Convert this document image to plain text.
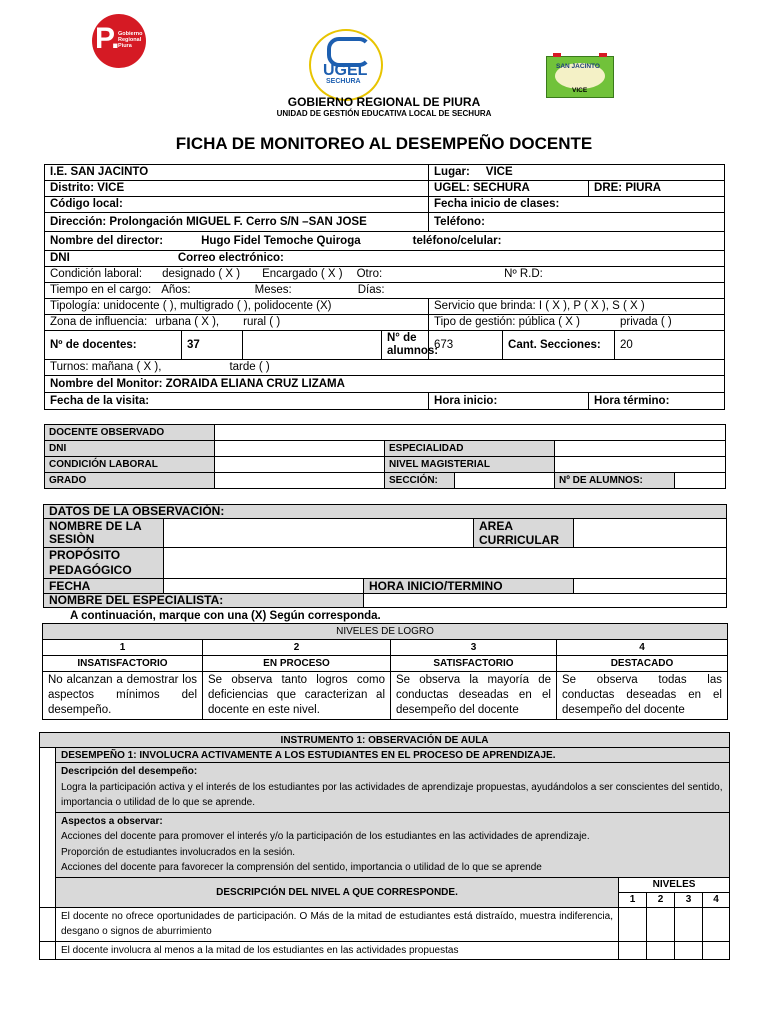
P.
Gobierno
Regional
Piura
UGEL
SECHURA
SAN JACINTO
VICE
GOBIERNO REGIONAL DE PIURA
UNIDAD DE GESTIÓN EDUCATIVA LOCAL DE SECHURA
FICHA DE MONITOREO AL DESEMPEÑO DOCENTE
I.E. SAN JACINTO				Lugar: VICE			
Distrito: VICE				UGEL: SECHURA		DRE: PIURA	
Código local:				Fecha inicio de clases:			
Dirección: Prolongación MIGUEL F. Cerro S/N –SAN JOSE				Teléfono:			
Nombre del director: Hugo Fidel Temoche Quiroga teléfono/celular:							
DNI Correo electrónico:							
Condición laboral: designado ( X ) Encargado ( X ) Otro: Nº R.D:							
Tiempo en el cargo: Años: Meses: Días:							
Tipología: unidocente ( ), multigrado ( ), polidocente (X)				Servicio que brinda: I ( X ), P ( X ), S ( X )			
Zona de influencia: urbana ( X ), rural ( )				Tipo de gestión: pública ( X ) privada ( )			
Nº de docentes:	37		N° de alumnos:	673	Cant. Secciones:		20
Turnos: mañana ( X ), tarde ( )							
Nombre del Monitor: ZORAIDA ELIANA CRUZ LIZAMA							
Fecha de la visita:				Hora inicio:		Hora término:	
DOCENTE OBSERVADO					
DNI		ESPECIALIDAD			
CONDICIÓN LABORAL		NIVEL MAGISTERIAL			
GRADO		SECCIÓN:		Nº DE ALUMNOS:	
DATOS DE LA OBSERVACIÓN:				
NOMBRE DE LA SESIÒN			AREA CURRICULAR	
PROPÓSITO PEDAGÓGICO				
FECHA		HORA INICIO/TERMINO		
NOMBRE DEL ESPECIALISTA:				
A continuación, marque con una (X) Según corresponda.
NIVELES DE LOGRO			
1	2	3	4
INSATISFACTORIO	EN PROCESO	SATISFACTORIO	DESTACADO
No alcanzan a demostrar los aspectos mínimos del desempeño.	Se observa tanto logros como deficiencias que caracterizan al docente en este nivel.	Se observa la mayoría de conductas deseadas en el desempeño del docente	Se observa todas las conductas deseadas en el desempeño del docente
INSTRUMENTO 1: OBSERVACIÓN DE AULA					
	DESEMPEÑO 1: INVOLUCRA ACTIVAMENTE A LOS ESTUDIANTES EN EL PROCESO DE APRENDIZAJE.				

	Descripción del desempeño:
Logra la participación activa y el interés de los estudiantes por las actividades de aprendizaje propuestas, ayudándolos a ser conscientes del sentido, importancia o utilidad de lo que se aprende.				

	Aspectos a observar:
Acciones del docente para promover el interés y/o la participación de los estudiantes en las actividades de aprendizaje.
Proporción de estudiantes involucrados en la sesión.
Acciones del docente para favorecer la comprensión del sentido, importancia o utilidad de lo que se aprende				

	DESCRIPCIÓN DEL NIVEL A QUE CORRESPONDE.	NIVELES			
		1	2	3	4
	El docente no ofrece oportunidades de participación. O Más de la mitad de estudiantes está distraído, muestra indiferencia, desgano o signos de aburrimiento				
	El docente involucra al menos a la mitad de los estudiantes en las actividades propuestas				
